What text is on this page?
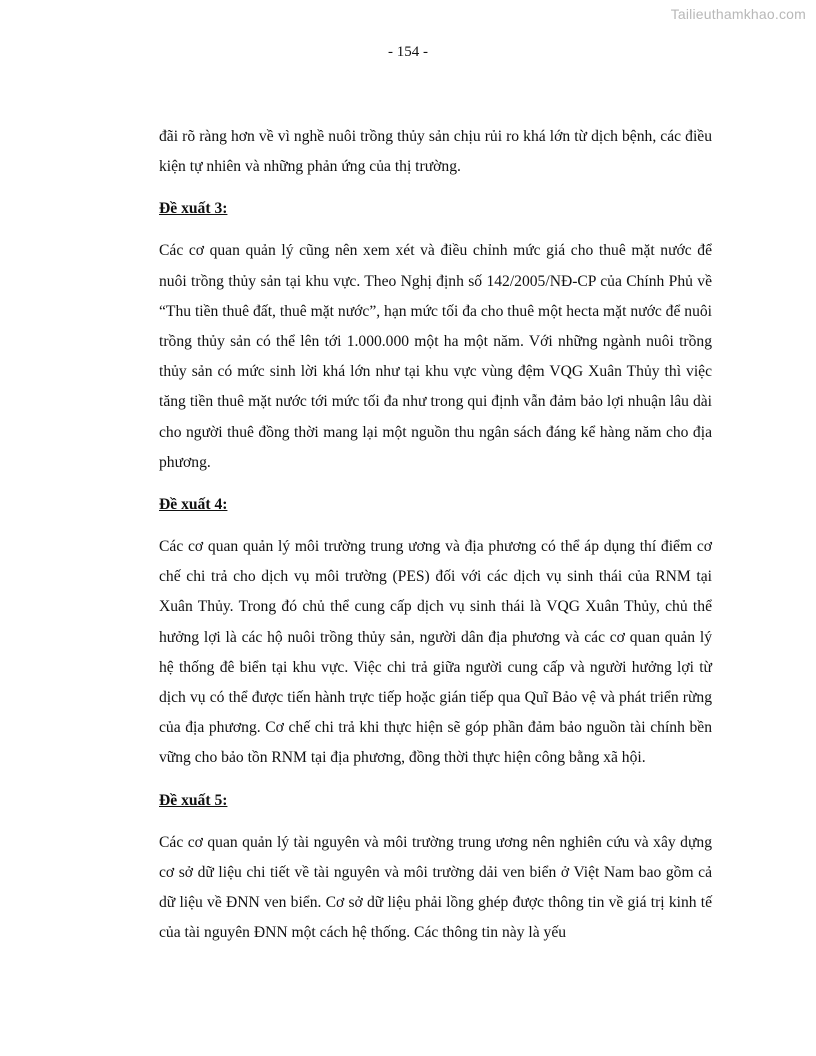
Tailieuthamkhao.com
- 154 -

đãi rõ ràng hơn về vì nghề nuôi trồng thủy sản chịu rủi ro khá lớn từ dịch bệnh, các điều kiện tự nhiên và những phản ứng của thị trường.

Đề xuất 3:

Các cơ quan quản lý cũng nên xem xét và điều chỉnh mức giá cho thuê mặt nước để nuôi trồng thủy sản tại khu vực. Theo Nghị định số 142/2005/NĐ-CP của Chính Phủ về “Thu tiền thuê đất, thuê mặt nước”, hạn mức tối đa cho thuê một hecta mặt nước để nuôi trồng thủy sản có thể lên tới 1.000.000 một ha một năm. Với những ngành nuôi trồng thủy sản có mức sinh lời khá lớn như tại khu vực vùng đệm VQG Xuân Thủy thì việc tăng tiền thuê mặt nước tới mức tối đa như trong qui định vẫn đảm bảo lợi nhuận lâu dài cho người thuê đồng thời mang lại một nguồn thu ngân sách đáng kể hàng năm cho địa phương.

Đề xuất 4:

Các cơ quan quản lý môi trường trung ương và địa phương có thể áp dụng thí điểm cơ chế chi trả cho dịch vụ môi trường (PES) đối với các dịch vụ sinh thái của RNM tại Xuân Thủy. Trong đó chủ thể cung cấp dịch vụ sinh thái là VQG Xuân Thủy, chủ thể hưởng lợi là các hộ nuôi trồng thủy sản, người dân địa phương và các cơ quan quản lý hệ thống đê biển tại khu vực. Việc chi trả giữa người cung cấp và người hưởng lợi từ dịch vụ có thể được tiến hành trực tiếp hoặc gián tiếp qua Quĩ Bảo vệ và phát triển rừng của địa phương. Cơ chế chi trả khi thực hiện sẽ góp phần đảm bảo nguồn tài chính bền vững cho bảo tồn RNM tại địa phương, đồng thời thực hiện công bằng xã hội.

Đề xuất 5:

Các cơ quan quản lý tài nguyên và môi trường trung ương nên nghiên cứu và xây dựng cơ sở dữ liệu chi tiết về tài nguyên và môi trường dải ven biển ở Việt Nam bao gồm cả dữ liệu về ĐNN ven biển. Cơ sở dữ liệu phải lồng ghép được thông tin về giá trị kinh tế của tài nguyên ĐNN một cách hệ thống. Các thông tin này là yếu
